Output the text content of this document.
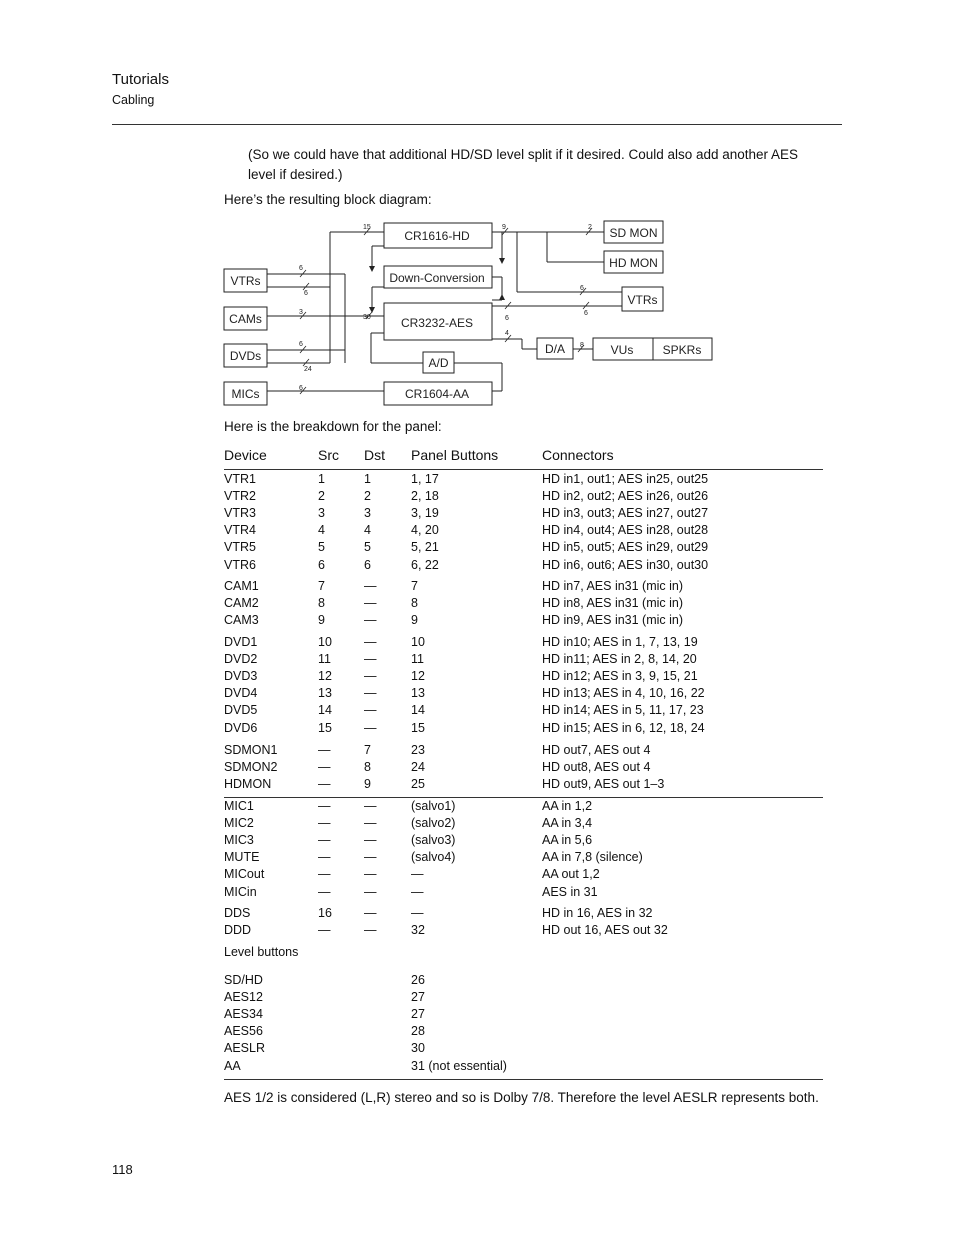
Tutorials
Cabling
(So we could have that additional HD/SD level split if it desired. Could also add another AES
level if desired.)
Here’s the resulting block diagram:
6
6
3
6
24
6
15
30
9	2
6
6
6
4
8
VTRs
CAMs
DVDs
MICs
CR1616-HD
Down-Conversion
CR3232-AES
A/D
CR1604-AA
SD MON
HD MON
VTRs
D/A	VUs SPKRs
Here is the breakdown for the panel:
Device	Src Dst Panel Buttons	Connectors
VTR1	1	1	1, 17	HD in1, out1; AES in25, out25
VTR2	2	2	2, 18	HD in2, out2; AES in26, out26
VTR3	3	3	3, 19	HD in3, out3; AES in27, out27
VTR4	4	4	4, 20	HD in4, out4; AES in28, out28
VTR5	5	5	5, 21	HD in5, out5; AES in29, out29
VTR6	6	6	6, 22	HD in6, out6; AES in30, out30
CAM1	7	—	7	HD in7, AES in31 (mic in)
CAM2	8	—	8	HD in8, AES in31 (mic in)
CAM3	9	—	9	HD in9, AES in31 (mic in)
DVD1	10	—	10	HD in10; AES in 1, 7, 13, 19
DVD2	11	—	11	HD in11; AES in 2, 8, 14, 20
DVD3	12	—	12	HD in12; AES in 3, 9, 15, 21
DVD4	13	—	13	HD in13; AES in 4, 10, 16, 22
DVD5	14	—	14	HD in14; AES in 5, 11, 17, 23
DVD6	15	—	15	HD in15; AES in 6, 12, 18, 24
SDMON1	—	7	23	HD out7, AES out 4
SDMON2	—	8	24	HD out8, AES out 4
HDMON	—	9	25	HD out9, AES out 1–3
MIC1	—	—	(salvo1)	AA in 1,2
MIC2	—	—	(salvo2)	AA in 3,4
MIC3	—	—	(salvo3)	AA in 5,6
MUTE	—	—	(salvo4)	AA in 7,8 (silence)
MICout	—	—	—	AA out 1,2
MICin	—	—	—	AES in 31
DDS	16	—	—	HD in 16, AES in 32
DDD	—	—	32	HD out 16, AES out 32
Level buttons
SD/HD	26
AES12	27
AES34	27
AES56	28
AESLR	30
AA	31 (not essential)
AES 1/2 is considered (L,R) stereo and so is Dolby 7/8. Therefore the level AESLR represents both.
118
